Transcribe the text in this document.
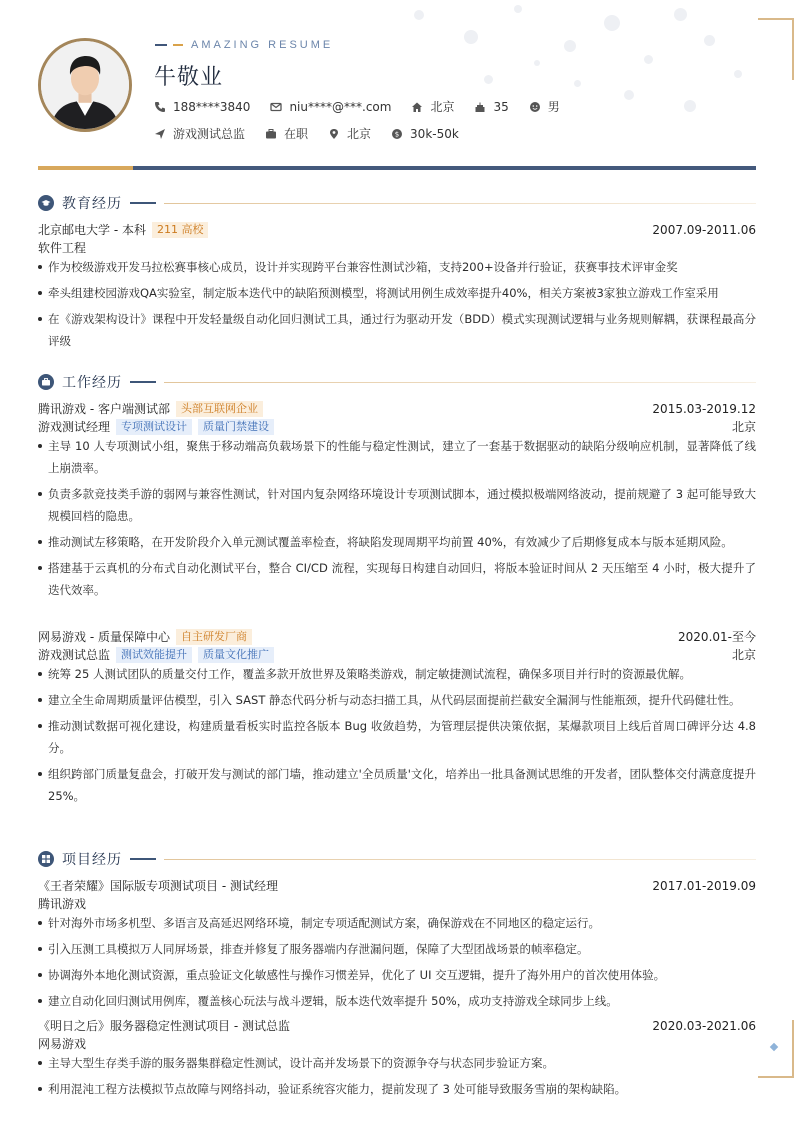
AMAZING RESUME
牛敬业
188****3840	niu****@***.com	北京	35	男
游戏测试总监	在职	北京	$ 30k-50k
教育经历
北京邮电大学 - 本科	211 高校	2007.09-2011.06
软件工程
作为校级游戏开发马拉松赛事核心成员，设计并实现跨平台兼容性测试沙箱，支持200+设备并行验证，获赛事技术评审金奖
牵头组建校园游戏QA实验室，制定版本迭代中的缺陷预测模型，将测试用例生成效率提升40%，相关方案被3家独立游戏工作室采用
在《游戏架构设计》课程中开发轻量级自动化回归测试工具，通过行为驱动开发（BDD）模式实现测试逻辑与业务规则解耦，获课程最高分评级
工作经历
腾讯游戏 - 客户端测试部	头部互联网企业	2015.03-2019.12
游戏测试经理	专项测试设计	质量门禁建设	北京
主导 10 人专项测试小组，聚焦于移动端高负载场景下的性能与稳定性测试，建立了一套基于数据驱动的缺陷分级响应机制，显著降低了线上崩溃率。
负责多款竞技类手游的弱网与兼容性测试，针对国内复杂网络环境设计专项测试脚本，通过模拟极端网络波动，提前规避了 3 起可能导致大规模回档的隐患。
推动测试左移策略，在开发阶段介入单元测试覆盖率检查，将缺陷发现周期平均前置 40%，有效减少了后期修复成本与版本延期风险。
搭建基于云真机的分布式自动化测试平台，整合 CI/CD 流程，实现每日构建自动回归，将版本验证时间从 2 天压缩至 4 小时，极大提升了迭代效率。
网易游戏 - 质量保障中心	自主研发厂商	2020.01-至今
游戏测试总监	测试效能提升	质量文化推广	北京
统筹 25 人测试团队的质量交付工作，覆盖多款开放世界及策略类游戏，制定敏捷测试流程，确保多项目并行时的资源最优解。
建立全生命周期质量评估模型，引入 SAST 静态代码分析与动态扫描工具，从代码层面提前拦截安全漏洞与性能瓶颈，提升代码健壮性。
推动测试数据可视化建设，构建质量看板实时监控各版本 Bug 收敛趋势，为管理层提供决策依据，某爆款项目上线后首周口碑评分达 4.8 分。
组织跨部门质量复盘会，打破开发与测试的部门墙，推动建立'全员质量'文化，培养出一批具备测试思维的开发者，团队整体交付满意度提升 25%。
项目经历
《王者荣耀》国际版专项测试项目 - 测试经理	2017.01-2019.09
腾讯游戏
针对海外市场多机型、多语言及高延迟网络环境，制定专项适配测试方案，确保游戏在不同地区的稳定运行。
引入压测工具模拟万人同屏场景，排查并修复了服务器端内存泄漏问题，保障了大型团战场景的帧率稳定。
协调海外本地化测试资源，重点验证文化敏感性与操作习惯差异，优化了 UI 交互逻辑，提升了海外用户的首次使用体验。
建立自动化回归测试用例库，覆盖核心玩法与战斗逻辑，版本迭代效率提升 50%，成功支持游戏全球同步上线。
《明日之后》服务器稳定性测试项目 - 测试总监	2020.03-2021.06
网易游戏
主导大型生存类手游的服务器集群稳定性测试，设计高并发场景下的资源争夺与状态同步验证方案。
利用混沌工程方法模拟节点故障与网络抖动，验证系统容灾能力，提前发现了 3 处可能导致服务雪崩的架构缺陷。
